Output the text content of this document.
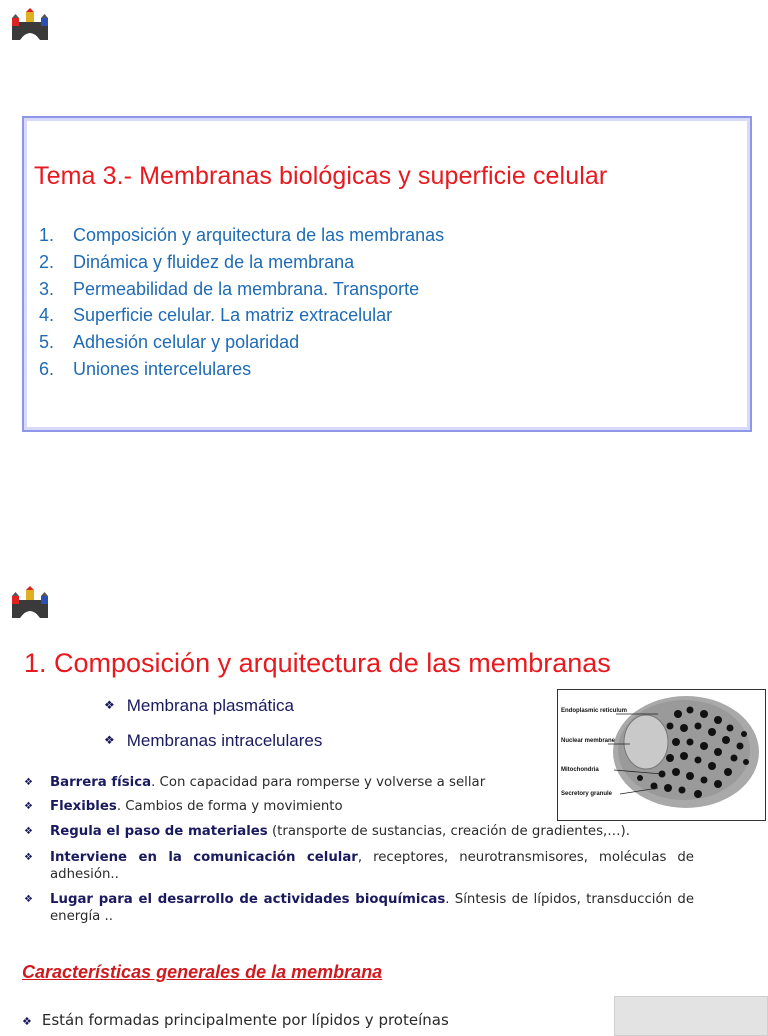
Tema 3.- Membranas biológicas y superficie celular
1. Composición y arquitectura de las membranas
2. Dinámica y fluidez de la membrana
3. Permeabilidad de la membrana. Transporte
4. Superficie celular. La matriz extracelular
5. Adhesión celular y polaridad
6. Uniones intercelulares
1. Composición y arquitectura de las membranas
❖ Membrana plasmática
❖ Membranas intracelulares
Endoplasmic reticulum
Nuclear membrane
Mitochondria
Secretory granule
❖ Barrera física. Con capacidad para romperse y volverse a sellar
❖ Flexibles. Cambios de forma y movimiento
❖ Regula el paso de materiales (transporte de sustancias, creación de gradientes,…).
❖ Interviene en la comunicación celular, receptores, neurotransmisores, moléculas de adhesión..
❖ Lugar para el desarrollo de actividades bioquímicas. Síntesis de lípidos, transducción de energía ..
Características generales de la membrana
❖ Están formadas principalmente por lípidos y proteínas
